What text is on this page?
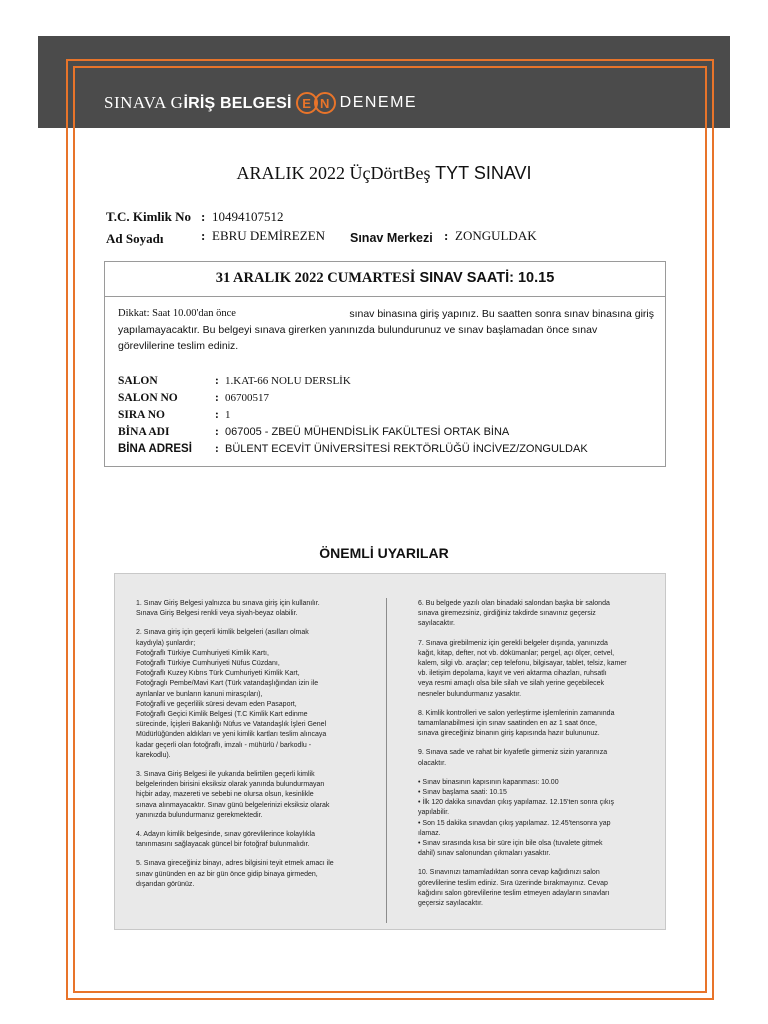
SINAVA GİRİŞ BELGESİ E N DENEME
ARALIK 2022 ÜçDörtBeş TYT SINAVI
T.C. Kimlik No : 10494107512
Ad Soyadı	: EBRU DEMİREZEN Sınav Merkezi : ZONGULDAK
31 ARALIK 2022 CUMARTESİ SINAV SAATİ: 10.15
Dikkat: Saat 10.00'dan önce	sınav binasına giriş yapınız. Bu saatten sonra sınav binasına giriş
yapılamayacaktır. Bu belgeyi sınava girerken yanınızda bulundurunuz ve sınav başlamadan önce sınav
görevlilerine teslim ediniz.
SALON	: 1.KAT-66 NOLU DERSLİK
SALON NO	: 06700517
SIRA NO	: 1
BİNA ADI	: 067005 - ZBEÜ MÜHENDİSLİK FAKÜLTESİ ORTAK BİNA
BİNA ADRESİ	: BÜLENT ECEVİT ÜNİVERSİTESİ REKTÖRLÜĞÜ İNCİVEZ/ZONGULDAK
ÖNEMLİ UYARILAR

1. Sınav Giriş Belgesi yalnızca bu sınava giriş için kullanılır.
Sınava Giriş Belgesi renkli veya siyah-beyaz olabilir.

2. Sınava giriş için geçerli kimlik belgeleri (asılları olmak
kaydıyla) şunlardır;
Fotoğraflı Türkiye Cumhuriyeti Kimlik Kartı,
Fotoğraflı Türkiye Cumhuriyeti Nüfus Cüzdanı,
Fotoğraflı Kuzey Kıbrıs Türk Cumhuriyeti Kimlik Kart,
Fotoğraglı Pembe/Mavi Kart (Türk vatandaşlığından izin ile
ayrılanlar ve bunların kanuni mirasçıları),
Fotoğrafli ve geçerlilik süresi devam eden Pasaport,
Fotoğraflı Geçici Kimlik Belgesi (T.C Kimlik Kart edinme
sürecinde, İçişleri Bakanlığı Nüfus ve Vatandaşlık İşleri Genel
Müdürlüğünden aldıkları ve yeni kimlik kartları teslim alıncaya
kadar geçerli olan fotoğraflı, imzalı - mühürlü / barkodlu -
karekodlu).

3. Sınava Giriş Belgesi ile yukarıda belirtilen geçerli kimlik
belgelerinden birisini eksiksiz olarak yanında bulundurmayan
hiçbir aday, mazereti ve sebebi ne olursa olsun, kesinlikle
sınava alınmayacaktır. Sınav günü belgelerinizi eksiksiz olarak
yanınızda bulundurmanız gerekmektedir.

4. Adayın kimlik belgesinde, sınav görevlilerince kolaylıkla
tanınmasını sağlayacak güncel bir fotoğraf bulunmalıdır.

5. Sınava gireceğiniz binayı, adres bilgisini teyit etmek amacı ile
sınav gününden en az bir gün önce gidip binaya girmeden,
dışarıdan görünüz.

6. Bu belgede yazılı olan binadaki salondan başka bir salonda
sınava giremezsiniz, girdiğiniz takdirde sınavınız geçersiz
sayılacaktır.

7. Sınava girebilmeniz için gerekli belgeler dışında, yanınızda
kağıt, kitap, defter, not vb. dökümanlar; pergel, açı ölçer, cetvel,
kalem, silgi vb. araçlar; cep telefonu, bilgisayar, tablet, telsiz, kamer
vb. iletişim depolama, kayıt ve veri aktarma cihazları, ruhsatlı
veya resmi amaçlı olsa bile silah ve silah yerine geçebilecek
nesneler bulundurmanız yasaktır.

8. Kimlik kontrolleri ve salon yerleştirme işlemlerinin zamanında
tamamlanabilmesi için sınav saatinden en az 1 saat önce,
sınava gireceğiniz binanın giriş kapısında hazır bulununuz.

9. Sınava sade ve rahat bir kıyafetle girmeniz sizin yararınıza
olacaktır.

• Sınav binasının kapısının kapanması: 10.00
• Sınav başlama saati: 10.15
• İlk 120 dakika sınavdan çıkış yapılamaz. 12.15'ten sonra çıkış
yapılabilir.
• Son 15 dakika sınavdan çıkış yapılamaz. 12.45'tensonra yap
ılamaz.
• Sınav sırasında kısa bir süre için bile olsa (tuvalete gitmek
dahil) sınav salonundan çıkmaları yasaktır.

10. Sınavınızı tamamladıktan sonra cevap kağıdınızı salon
görevlilerine teslim ediniz. Sıra üzerinde bırakmayınız. Cevap
kağıdını salon görevlilerine teslim etmeyen adayların sınavları
geçersiz sayılacaktır.
